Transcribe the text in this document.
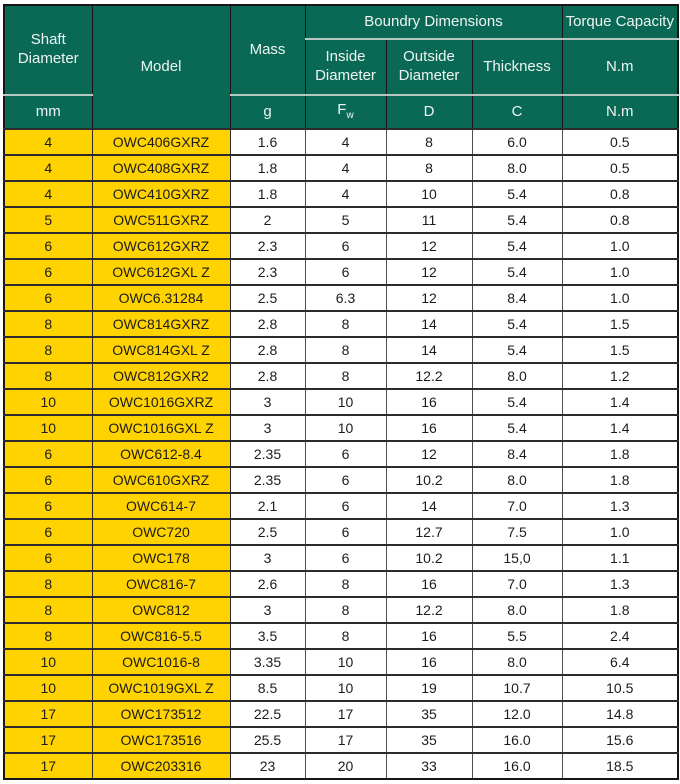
Shaft Diameter	Model	Mass	Boundry Dimensions			Torque Capacity
			Inside Diameter	Outside Diameter	Thickness	N.m
mm		g	$F_w$	D	C	N.m
4	OWC406GXRZ	1.6	4	8	6.0	0.5
4	OWC408GXRZ	1.8	4	8	8.0	0.5
4	OWC410GXRZ	1.8	4	10	5.4	0.8
5	OWC511GXRZ	2	5	11	5.4	0.8
6	OWC612GXRZ	2.3	6	12	5.4	1.0
6	OWC612GXL Z	2.3	6	12	5.4	1.0
6	OWC6.31284	2.5	6.3	12	8.4	1.0
8	OWC814GXRZ	2.8	8	14	5.4	1.5
8	OWC814GXL Z	2.8	8	14	5.4	1.5
8	OWC812GXR2	2.8	8	12.2	8.0	1.2
10	OWC1016GXRZ	3	10	16	5.4	1.4
10	OWC1016GXL Z	3	10	16	5.4	1.4
6	OWC612-8.4	2.35	6	12	8.4	1.8
6	OWC610GXRZ	2.35	6	10.2	8.0	1.8
6	OWC614-7	2.1	6	14	7.0	1.3
6	OWC720	2.5	6	12.7	7.5	1.0
6	OWC178	3	6	10.2	15,0	1.1
8	OWC816-7	2.6	8	16	7.0	1.3
8	OWC812	3	8	12.2	8.0	1.8
8	OWC816-5.5	3.5	8	16	5.5	2.4
10	OWC1016-8	3.35	10	16	8.0	6.4
10	OWC1019GXL Z	8.5	10	19	10.7	10.5
17	OWC173512	22.5	17	35	12.0	14.8
17	OWC173516	25.5	17	35	16.0	15.6
17	OWC203316	23	20	33	16.0	18.5
